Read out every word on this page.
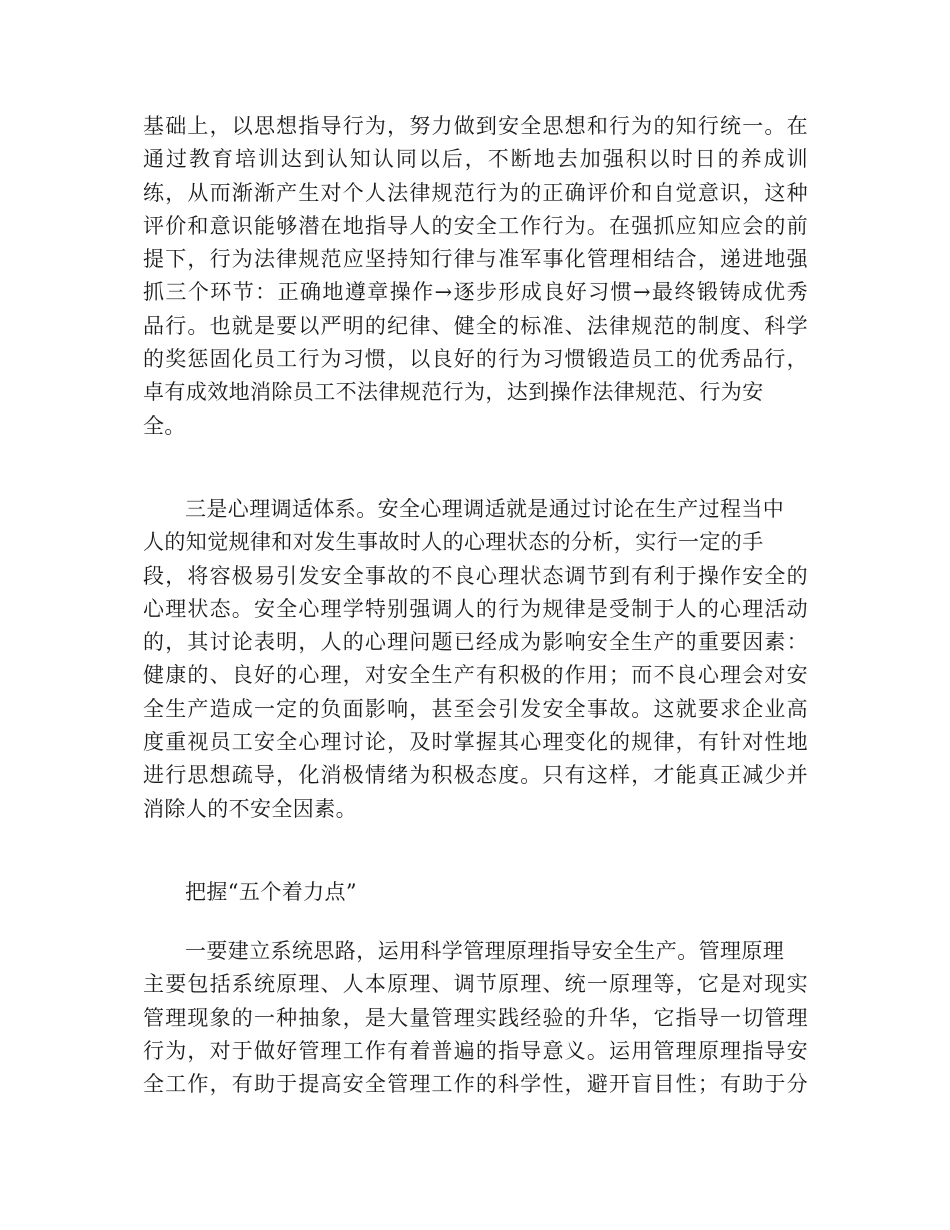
基础上，以思想指导行为，努力做到安全思想和行为的知行统一。在
通过教育培训达到认知认同以后，不断地去加强积以时日的养成训
练，从而渐渐产生对个人法律规范行为的正确评价和自觉意识，这种
评价和意识能够潜在地指导人的安全工作行为。在强抓应知应会的前
提下，行为法律规范应坚持知行律与准军事化管理相结合，递进地强
抓三个环节：正确地遵章操作→逐步形成良好习惯→最终锻铸成优秀
品行。也就是要以严明的纪律、健全的标准、法律规范的制度、科学
的奖惩固化员工行为习惯，以良好的行为习惯锻造员工的优秀品行，
卓有成效地消除员工不法律规范行为，达到操作法律规范、行为安
全。
三是心理调适体系。安全心理调适就是通过讨论在生产过程当中
人的知觉规律和对发生事故时人的心理状态的分析，实行一定的手
段，将容极易引发安全事故的不良心理状态调节到有利于操作安全的
心理状态。安全心理学特别强调人的行为规律是受制于人的心理活动
的，其讨论表明，人的心理问题已经成为影响安全生产的重要因素：
健康的、良好的心理，对安全生产有积极的作用；而不良心理会对安
全生产造成一定的负面影响，甚至会引发安全事故。这就要求企业高
度重视员工安全心理讨论，及时掌握其心理变化的规律，有针对性地
进行思想疏导，化消极情绪为积极态度。只有这样，才能真正减少并
消除人的不安全因素。
把握“五个着力点”
一要建立系统思路，运用科学管理原理指导安全生产。管理原理
主要包括系统原理、人本原理、调节原理、统一原理等，它是对现实
管理现象的一种抽象，是大量管理实践经验的升华，它指导一切管理
行为，对于做好管理工作有着普遍的指导意义。运用管理原理指导安
全工作，有助于提高安全管理工作的科学性，避开盲目性；有助于分
